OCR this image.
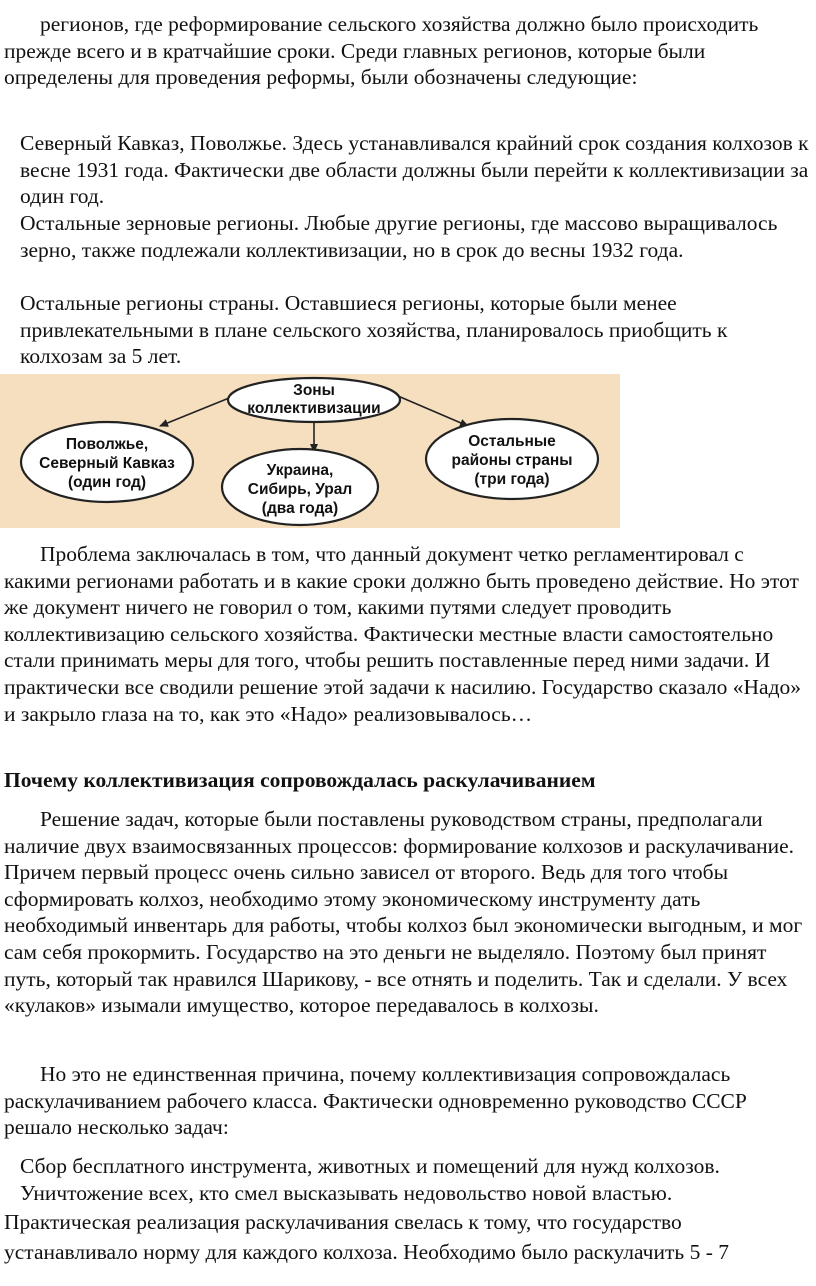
регионов, где реформирование сельского хозяйства должно было происходить прежде всего и в кратчайшие сроки. Среди главных регионов, которые были определены для проведения реформы, были обозначены следующие:

Северный Кавказ, Поволжье. Здесь устанавливался крайний срок создания колхозов к весне 1931 года. Фактически две области должны были перейти к коллективизации за один год.

Остальные зерновые регионы. Любые другие регионы, где массово выращивалось зерно, также подлежали коллективизации, но в срок до весны 1932 года.

Остальные регионы страны. Оставшиеся регионы, которые были менее привлекательными в плане сельского хозяйства, планировалось приобщить к колхозам за 5 лет.

Зоны
коллективизации
Поволжье,
Северный Кавказ
(один год)
Украина,
Сибирь, Урал
(два года)
Остальные
районы страны
(три года)

Проблема заключалась в том, что данный документ четко регламентировал с какими регионами работать и в какие сроки должно быть проведено действие. Но этот же документ ничего не говорил о том, какими путями следует проводить коллективизацию сельского хозяйства. Фактически местные власти самостоятельно стали принимать меры для того, чтобы решить поставленные перед ними задачи. И практически все сводили решение этой задачи к насилию. Государство сказало «Надо» и закрыло глаза на то, как это «Надо» реализовывалось…

Почему коллективизация сопровождалась раскулачиванием

Решение задач, которые были поставлены руководством страны, предполагали наличие двух взаимосвязанных процессов: формирование колхозов и раскулачивание. Причем первый процесс очень сильно зависел от второго. Ведь для того чтобы сформировать колхоз, необходимо этому экономическому инструменту дать необходимый инвентарь для работы, чтобы колхоз был экономически выгодным, и мог сам себя прокормить. Государство на это деньги не выделяло. Поэтому был принят путь, который так нравился Шарикову, - все отнять и поделить. Так и сделали. У всех «кулаков» изымали имущество, которое передавалось в колхозы.

Но это не единственная причина, почему коллективизация сопровождалась раскулачиванием рабочего класса. Фактически одновременно руководство СССР решало несколько задач:

Сбор бесплатного инструмента, животных и помещений для нужд колхозов.

Уничтожение всех, кто смел высказывать недовольство новой властью.

Практическая реализация раскулачивания свелась к тому, что государство устанавливало норму для каждого колхоза. Необходимо было раскулачить 5 - 7
